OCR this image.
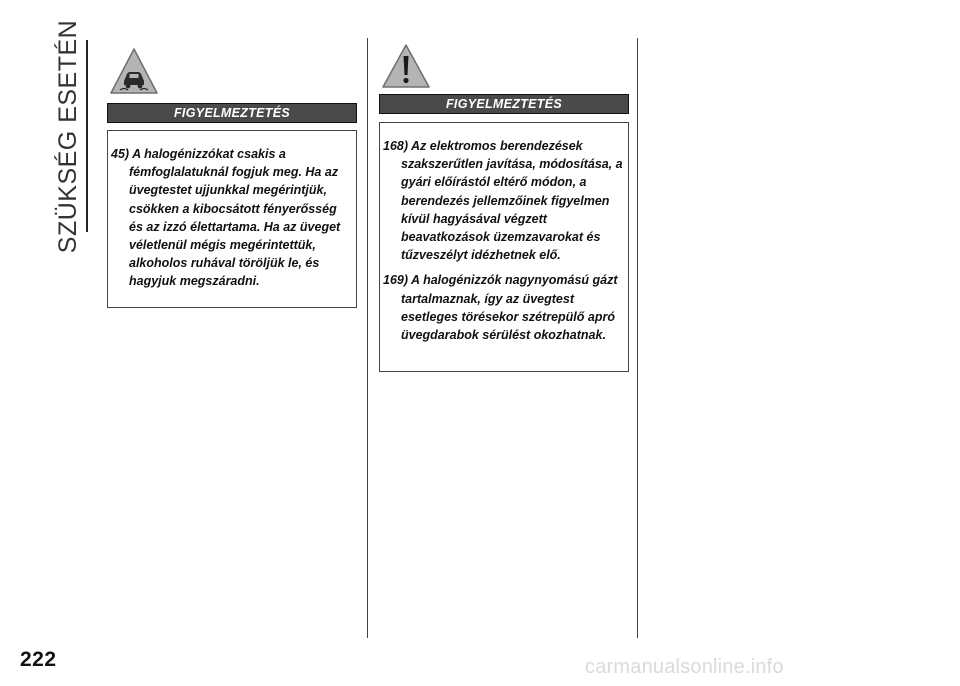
SZÜKSÉG ESETÉN	FIGYELMEZTETÉS

45) A halogénizzókat csakis a fémfoglalatuknál fogjuk meg. Ha az üvegtestet ujjunkkal megérintjük, csökken a kibocsátott fényerősség és az izzó élettartama. Ha az üveget véletlenül mégis megérintettük, alkoholos ruhával töröljük le, és hagyjuk megszáradni.

FIGYELMEZTETÉS

168) Az elektromos berendezések szakszerűtlen javítása, módosítása, a gyári előírástól eltérő módon, a berendezés jellemzőinek figyelmen kívül hagyásával végzett beavatkozások üzemzavarokat és tűzveszélyt idézhetnek elő.

169) A halogénizzók nagynyomású gázt tartalmaznak, így az üvegtest esetleges törésekor szétrepülő apró üvegdarabok sérülést okozhatnak.

222	carmanualsonline.info
